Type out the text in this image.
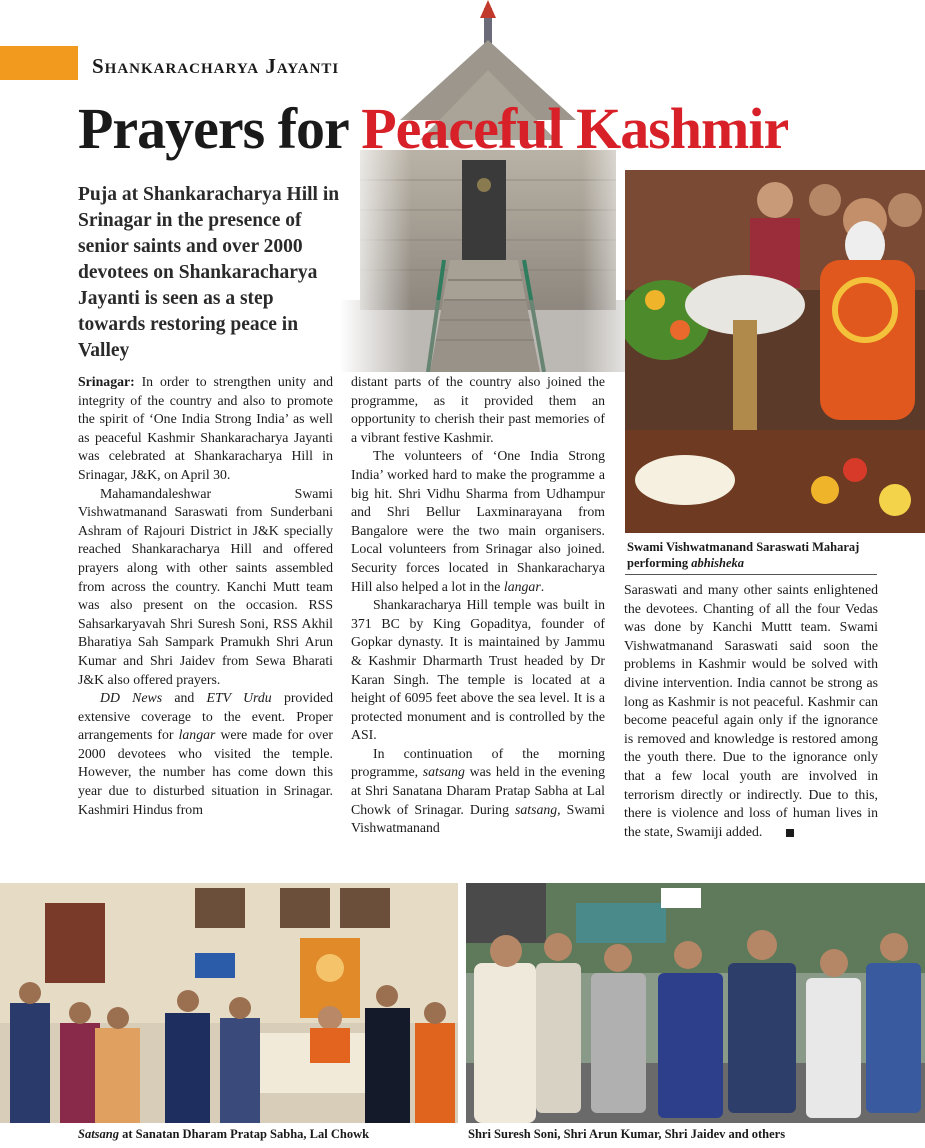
Shankaracharya Jayanti
Prayers for Peaceful Kashmir
Puja at Shankaracharya Hill in Srinagar in the presence of senior saints and over 2000 devotees on Shankaracharya Jayanti is seen as a step towards restoring peace in Valley
Swami Vishwatmanand Saraswati Maharaj performing abhisheka

Srinagar: In order to strengthen unity and integrity of the country and also to promote the spirit of ‘One India Strong India’ as well as peaceful Kashmir Shankaracharya Jayanti was celebrated at Shankaracharya Hill in Srinagar, J&K, on April 30.

Mahamandaleshwar Swami Vishwatmanand Saraswati from Sunderbani Ashram of Rajouri District in J&K specially reached Shankaracharya Hill and offered prayers along with other saints assembled from across the country. Kanchi Mutt team was also present on the occasion. RSS Sahsarkaryavah Shri Suresh Soni, RSS Akhil Bharatiya Sah Sampark Pramukh Shri Arun Kumar and Shri Jaidev from Sewa Bharati J&K also offered prayers.

DD News and ETV Urdu provided extensive coverage to the event. Proper arrangements for langar were made for over 2000 devotees who visited the temple. However, the number has come down this year due to disturbed situation in Srinagar. Kashmiri Hindus from

distant parts of the country also joined the programme, as it provided them an opportunity to cherish their past memories of a vibrant festive Kashmir.

The volunteers of ‘One India Strong India’ worked hard to make the programme a big hit. Shri Vidhu Sharma from Udhampur and Shri Bellur Laxminarayana from Bangalore were the two main organisers. Local volunteers from Srinagar also joined. Security forces located in Shankaracharya Hill also helped a lot in the langar.

Shankaracharya Hill temple was built in 371 BC by King Gopaditya, founder of Gopkar dynasty. It is maintained by Jammu & Kashmir Dharmarth Trust headed by Dr Karan Singh. The temple is located at a height of 6095 feet above the sea level. It is a protected monument and is controlled by the ASI.

In continuation of the morning programme, satsang was held in the evening at Shri Sanatana Dharam Pratap Sabha at Lal Chowk of Srinagar. During satsang, Swami Vishwatmanand

Saraswati and many other saints enlightened the devotees. Chanting of all the four Vedas was done by Kanchi Muttt team. Swami Vishwatmanand Saraswati said soon the problems in Kashmir would be solved with divine intervention. India cannot be strong as long as Kashmir is not peaceful. Kashmir can become peaceful again only if the ignorance is removed and knowledge is restored among the youth there. Due to the ignorance only that a few local youth are involved in terrorism directly or indirectly. Due to this, there is violence and loss of human lives in the state, Swamiji added.

Satsang at Sanatan Dharam Pratap Sabha, Lal Chowk	Shri Suresh Soni, Shri Arun Kumar, Shri Jaidev and others
